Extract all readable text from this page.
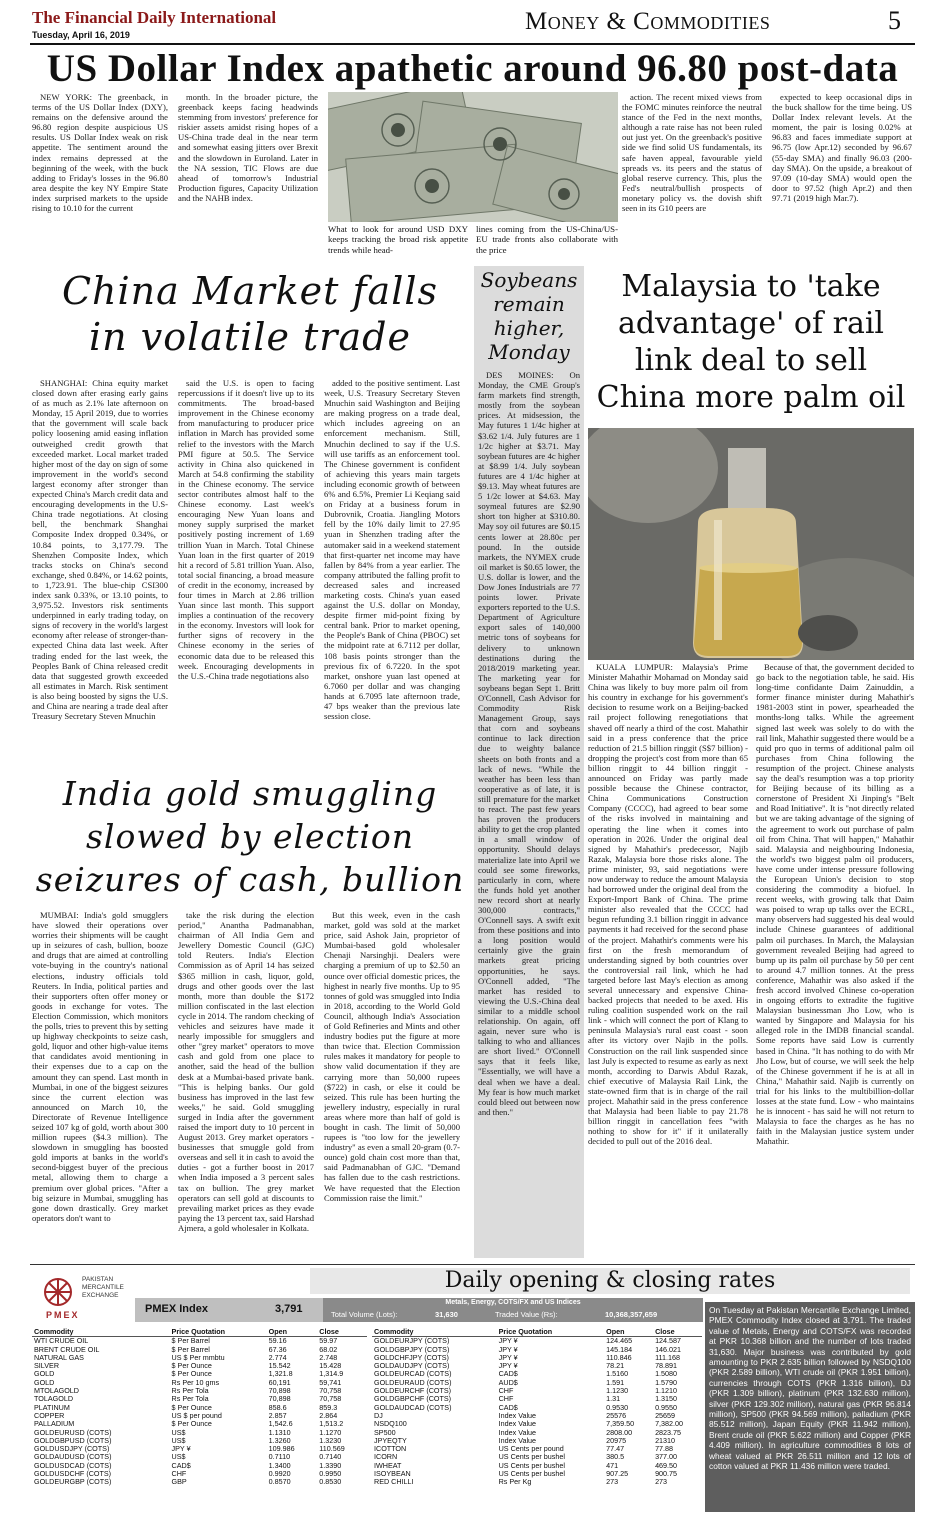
The Financial Daily International
Tuesday, April 16, 2019	Money & Commodities	5
US Dollar Index apathetic around 96.80 post-data

NEW YORK: The greenback, in terms of the US Dollar Index (DXY), remains on the defensive around the 96.80 region despite auspicious US results. US Dollar Index weak on risk appetite. The sentiment around the index remains depressed at the beginning of the week, with the buck adding to Friday's losses in the 96.80 area despite the key NY Empire State index surprised markets to the upside rising to 10.10 for the current

month. In the broader picture, the greenback keeps facing headwinds stemming from investors' preference for riskier assets amidst rising hopes of a US-China trade deal in the near term and somewhat easing jitters over Brexit and the slowdown in Euroland. Later in the NA session, TIC Flows are due ahead of tomorrow's Industrial Production figures, Capacity Utilization and the NAHB index.

What to look for around USD DXY keeps tracking the broad risk appetite trends while head-
lines coming from the US-China/US-EU trade fronts also collaborate with the price

action. The recent mixed views from the FOMC minutes reinforce the neutral stance of the Fed in the next months, although a rate raise has not been ruled out just yet. On the greenback's positive side we find solid US fundamentals, its safe haven appeal, favourable yield spreads vs. its peers and the status of global reserve currency. This, plus the Fed's neutral/bullish prospects of monetary policy vs. the dovish shift seen in its G10 peers are

expected to keep occasional dips in the buck shallow for the time being. US Dollar Index relevant levels. At the moment, the pair is losing 0.02% at 96.83 and faces immediate support at 96.75 (low Apr.12) seconded by 96.67 (55-day SMA) and finally 96.03 (200-day SMA). On the upside, a breakout of 97.09 (10-day SMA) would open the door to 97.52 (high Apr.2) and then 97.71 (2019 high Mar.7).

China Market falls
in volatile trade

SHANGHAI: China equity market closed down after erasing early gains of as much as 2.1% late afternoon on Monday, 15 April 2019, due to worries that the government will scale back policy loosening amid easing inflation outweighed credit growth that exceeded market. Local market traded higher most of the day on sign of some improvement in the world's second largest economy after stronger than expected China's March credit data and encouraging developments in the U.S-China trade negotiations. At closing bell, the benchmark Shanghai Composite Index dropped 0.34%, or 10.84 points, to 3,177.79. The Shenzhen Composite Index, which tracks stocks on China's second exchange, shed 0.84%, or 14.62 points, to 1,723.91. The blue-chip CSI300 index sank 0.33%, or 13.10 points, to 3,975.52. Investors risk sentiments underpinned in early trading today, on signs of recovery in the world's largest economy after release of stronger-than-expected China data last week. After trading ended for the last week, the Peoples Bank of China released credit data that suggested growth exceeded all estimates in March. Risk sentiment is also being boosted by signs the U.S. and China are nearing a trade deal after Treasury Secretary Steven Mnuchin

said the U.S. is open to facing repercussions if it doesn't live up to its commitments. The broad-based improvement in the Chinese economy from manufacturing to producer price inflation in March has provided some relief to the investors with the March PMI figure at 50.5. The Service activity in China also quickened in March at 54.8 confirming the stability in the Chinese economy. The service sector contributes almost half to the Chinese economy. Last week's encouraging New Yuan loans and money supply surprised the market positively posting increment of 1.69 trillion Yuan in March. Total Chinese Yuan loan in the first quarter of 2019 hit a record of 5.81 trillion Yuan. Also, total social financing, a broad measure of credit in the economy, increased by four times in March at 2.86 trillion Yuan since last month. This support implies a continuation of the recovery in the economy. Investors will look for further signs of recovery in the Chinese economy in the series of economic data due to be released this week. Encouraging developments in the U.S.-China trade negotiations also

added to the positive sentiment. Last week, U.S. Treasury Secretary Steven Mnuchin said Washington and Beijing are making progress on a trade deal, which includes agreeing on an enforcement mechanism. Still, Mnuchin declined to say if the U.S. will use tariffs as an enforcement tool. The Chinese government is confident of achieving this years main targets including economic growth of between 6% and 6.5%, Premier Li Keqiang said on Friday at a business forum in Dubrovnik, Croatia. Jiangling Motors fell by the 10% daily limit to 27.95 yuan in Shenzhen trading after the automaker said in a weekend statement that first-quarter net income may have fallen by 84% from a year earlier. The company attributed the falling profit to decreased sales and increased marketing costs. China's yuan eased against the U.S. dollar on Monday, despite firmer mid-point fixing by central bank. Prior to market opening, the People's Bank of China (PBOC) set the midpoint rate at 6.7112 per dollar, 108 basis points stronger than the previous fix of 6.7220. In the spot market, onshore yuan last opened at 6.7060 per dollar and was changing hands at 6.7095 late afternoon trade, 47 bps weaker than the previous late session close.

Soybeans remain higher, Monday

DES MOINES: On Monday, the CME Group's farm markets find strength, mostly from the soybean prices. At midsession, the May futures 1 1/4c higher at $3.62 1/4. July futures are 1 1/2c higher at $3.71. May soybean futures are 4c higher at $8.99 1/4. July soybean futures are 4 1/4c higher at $9.13. May wheat futures are 5 1/2c lower at $4.63. May soymeal futures are $2.90 short ton higher at $310.80. May soy oil futures are $0.15 cents lower at 28.80c per pound. In the outside markets, the NYMEX crude oil market is $0.65 lower, the U.S. dollar is lower, and the Dow Jones Industrials are 77 points lower. Private exporters reported to the U.S. Department of Agriculture export sales of 140,000 metric tons of soybeans for delivery to unknown destinations during the 2018/2019 marketing year. The marketing year for soybeans began Sept 1. Britt O'Connell, Cash Advisor for Commodity Risk Management Group, says that corn and soybeans continue to lack direction due to weighty balance sheets on both fronts and a lack of news. "While the weather has been less than cooperative as of late, it is still premature for the market to react. The past few years has proven the producers ability to get the crop planted in a small window of opportunity. Should delays materialize late into April we could see some fireworks, particularly in corn, where the funds hold yet another new record short at nearly 300,000 contracts," O'Connell says. A swift exit from these positions and into a long position would certainly give the grain markets great pricing opportunities, he says. O'Connell added, "The market has resided to viewing the U.S.-China deal similar to a middle school relationship. On again, off again, never sure who is talking to who and alliances are short lived." O'Connell says that it feels like, "Essentially, we will have a deal when we have a deal. My fear is how much market could bleed out between now and then."

Malaysia to 'take advantage' of rail link deal to sell China more palm oil

KUALA LUMPUR: Malaysia's Prime Minister Mahathir Mohamad on Monday said China was likely to buy more palm oil from his country in exchange for his government's decision to resume work on a Beijing-backed rail project following renegotiations that shaved off nearly a third of the cost. Mahathir said in a press conference that the price reduction of 21.5 billion ringgit (S$7 billion) - dropping the project's cost from more than 65 billion ringgit to 44 billion ringgit - announced on Friday was partly made possible because the Chinese contractor, China Communications Construction Company (CCCC), had agreed to bear some of the risks involved in maintaining and operating the line when it comes into operation in 2026. Under the original deal signed by Mahathir's predecessor, Najib Razak, Malaysia bore those risks alone. The prime minister, 93, said negotiations were now underway to reduce the amount Malaysia had borrowed under the original deal from the Export-Import Bank of China. The prime minister also revealed that the CCCC had begun refunding 3.1 billion ringgit in advance payments it had received for the second phase of the project. Mahathir's comments were his first on the fresh memorandum of understanding signed by both countries over the controversial rail link, which he had targeted before last May's election as among several unnecessary and expensive China-backed projects that needed to be axed. His ruling coalition suspended work on the rail link - which will connect the port of Klang to peninsula Malaysia's rural east coast - soon after its victory over Najib in the polls. Construction on the rail link suspended since last July is expected to resume as early as next month, according to Darwis Abdul Razak, chief executive of Malaysia Rail Link, the state-owned firm that is in charge of the rail project. Mahathir said in the press conference that Malaysia had been liable to pay 21.78 billion ringgit in cancellation fees "with nothing to show for it" if it unilaterally decided to pull out of the 2016 deal.

Because of that, the government decided to go back to the negotiation table, he said. His long-time confidante Daim Zainuddin, a former finance minister during Mahathir's 1981-2003 stint in power, spearheaded the months-long talks. While the agreement signed last week was solely to do with the rail link, Mahathir suggested there would be a quid pro quo in terms of additional palm oil purchases from China following the resumption of the project. Chinese analysts say the deal's resumption was a top priority for Beijing because of its billing as a cornerstone of President Xi Jinping's "Belt and Road Initiative". It is "not directly related but we are taking advantage of the signing of the agreement to work out purchase of palm oil from China. That will happen," Mahathir said. Malaysia and neighbouring Indonesia, the world's two biggest palm oil producers, have come under intense pressure following the European Union's decision to stop considering the commodity a biofuel. In recent weeks, with growing talk that Daim was poised to wrap up talks over the ECRL, many observers had suggested his deal would include Chinese guarantees of additional palm oil purchases. In March, the Malaysian government revealed Beijing had agreed to bump up its palm oil purchase by 50 per cent to around 4.7 million tonnes. At the press conference, Mahathir was also asked if the fresh accord involved Chinese co-operation in ongoing efforts to extradite the fugitive Malaysian businessman Jho Low, who is wanted by Singapore and Malaysia for his alleged role in the IMDB financial scandal. Some reports have said Low is currently based in China. "It has nothing to do with Mr Jho Low, but of course, we will seek the help of the Chinese government if he is at all in China," Mahathir said. Najib is currently on trial for his links to the multibillion-dollar losses at the state fund. Low - who maintains he is innocent - has said he will not return to Malaysia to face the charges as he has no faith in the Malaysian justice system under Mahathir.

India gold smuggling
slowed by election
seizures of cash, bullion

MUMBAI: India's gold smugglers have slowed their operations over worries their shipments will be caught up in seizures of cash, bullion, booze and drugs that are aimed at controlling vote-buying in the country's national elections, industry officials told Reuters. In India, political parties and their supporters often offer money or goods in exchange for votes. The Election Commission, which monitors the polls, tries to prevent this by setting up highway checkpoints to seize cash, gold, liquor and other high-value items that candidates avoid mentioning in their expenses due to a cap on the amount they can spend. Last month in Mumbai, in one of the biggest seizures since the current election was announced on March 10, the Directorate of Revenue Intelligence seized 107 kg of gold, worth about 300 million rupees ($4.3 million). The slowdown in smuggling has boosted gold imports at banks in the world's second-biggest buyer of the precious metal, allowing them to charge a premium over global prices. "After a big seizure in Mumbai, smuggling has gone down drastically. Grey market operators don't want to

take the risk during the election period," Anantha Padmanabhan, chairman of All India Gem and Jewellery Domestic Council (GJC) told Reuters. India's Election Commission as of April 14 has seized $365 million in cash, liquor, gold, drugs and other goods over the last month, more than double the $172 million confiscated in the last election cycle in 2014. The random checking of vehicles and seizures have made it nearly impossible for smugglers and other "grey market" operators to move cash and gold from one place to another, said the head of the bullion desk at a Mumbai-based private bank. "This is helping banks. Our gold business has improved in the last few weeks," he said. Gold smuggling surged in India after the government raised the import duty to 10 percent in August 2013. Grey market operators - businesses that smuggle gold from overseas and sell it in cash to avoid the duties - got a further boost in 2017 when India imposed a 3 percent sales tax on bullion. The grey market operators can sell gold at discounts to prevailing market prices as they evade paying the 13 percent tax, said Harshad Ajmera, a gold wholesaler in Kolkata.

But this week, even in the cash market, gold was sold at the market price, said Ashok Jain, proprietor of Mumbai-based gold wholesaler Chenaji Narsinghji. Dealers were charging a premium of up to $2.50 an ounce over official domestic prices, the highest in nearly five months. Up to 95 tonnes of gold was smuggled into India in 2018, according to the World Gold Council, although India's Association of Gold Refineries and Mints and other industry bodies put the figure at more than twice that. Election Commission rules makes it mandatory for people to show valid documentation if they are carrying more than 50,000 rupees ($722) in cash, or else it could be seized. This rule has been hurting the jewellery industry, especially in rural areas where more than half of gold is bought in cash. The limit of 50,000 rupees is "too low for the jewellery industry" as even a small 20-gram (0.7-ounce) gold chain cost more than that, said Padmanabhan of GJC. "Demand has fallen due to the cash restrictions. We have requested that the Election Commission raise the limit."

PAKISTAN
MERCANTILE
EXCHANGE
PMEX
Daily opening & closing rates
PMEX Index	3,791
Metals, Energy, COTS/FX and US Indices
Total Volume (Lots):	31,630	Traded Value (Rs):	10,368,357,659
Commodity	Price Quotation	Open	Close
WTI CRUDE OIL	$ Per Barrel	59.16	59.97
BRENT CRUDE OIL	$ Per Barrel	67.36	68.02
NATURAL GAS	US $ Per mmbtu	2.774	2.748
SILVER	$ Per Ounce	15.542	15.428
GOLD	$ Per Ounce	1,321.8	1,314.9
GOLD	Rs Per 10 gms	60,191	59,741
MTOLAGOLD	Rs Per Tola	70,898	70,758
TOLAGOLD	Rs Per Tola	70,898	70,758
PLATINUM	$ Per Ounce	858.6	859.3
COPPER	US $ per pound	2.857	2.864
PALLADIUM	$ Per Ounce	1,542.6	1,513.2
GOLDEURUSD (COTS)	US$	1.1310	1.1270
GOLDGBPUSD (COTS)	US$	1.3260	1.3230
GOLDUSDJPY (COTS)	JPY ¥	109.986	110.569
GOLDAUDUSD (COTS)	US$	0.7110	0.7140
GOLDUSDCAD (COTS)	CAD$	1.3400	1.3390
GOLDUSDCHF (COTS)	CHF	0.9920	0.9950
GOLDEURGBP (COTS)	GBP	0.8570	0.8530
Commodity	Price Quotation	Open	Close
GOLDEURJPY (COTS)	JPY ¥	124.465	124.587
GOLDGBPJPY (COTS)	JPY ¥	145.184	146.021
GOLDCHFJPY (COTS)	JPY ¥	110.846	111.168
GOLDAUDJPY (COTS)	JPY ¥	78.21	78.891
GOLDEURCAD (COTS)	CAD$	1.5160	1.5080
GOLDEURAUD (COTS)	AUD$	1.591	1.5790
GOLDEURCHF (COTS)	CHF	1.1230	1.1210
GOLDGBPCHF (COTS)	CHF	1.31	1.3150
GOLDAUDCAD (COTS)	CAD$	0.9530	0.9550
DJ	Index Value	25576	25659
NSDQ100	Index Value	7,359.50	7,382.00
SP500	Index Value	2808.00	2823.75
JPYEQTY	Index Value	20975	21310
ICOTTON	US Cents per pound	77.47	77.88
ICORN	US Cents per bushel	380.5	377.00
IWHEAT	US Cents per bushel	471	469.50
ISOYBEAN	US Cents per bushel	907.25	900.75
RED CHILLI	Rs Per Kg	273	273
On Tuesday at Pakistan Mercantile Exchange Limited, PMEX Commodity Index closed at 3,791. The traded value of Metals, Energy and COTS/FX was recorded at PKR 10.368 billion and the number of lots traded 31,630. Major business was contributed by gold amounting to PKR 2.635 billion followed by NSDQ100 (PKR 2.589 billion), WTI crude oil (PKR 1.951 billion), currencies through COTS (PKR 1.316 billion), DJ (PKR 1.309 billion), platinum (PKR 132.630 million), silver (PKR 129.302 million), natural gas (PKR 96.814 million), SP500 (PKR 94.569 million), palladium (PKR 85.512 million), Japan Equity (PKR 11.942 million), Brent crude oil (PKR 5.622 million) and Copper (PKR 4.409 million). In agriculture commodities 8 lots of wheat valued at PKR 26.511 million and 12 lots of cotton valued at PKR 11.436 million were traded.
